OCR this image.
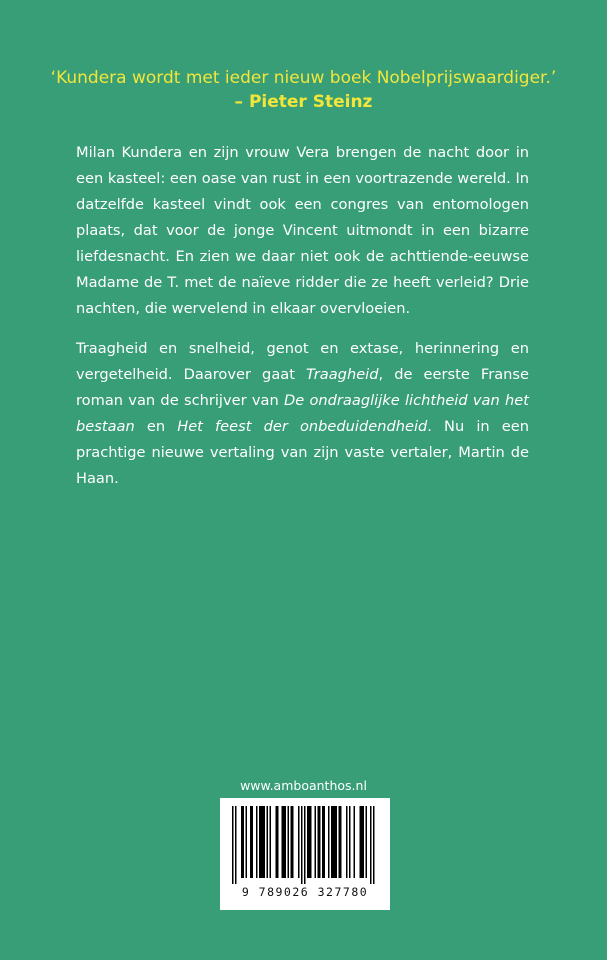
‘Kundera wordt met ieder nieuw boek Nobelprijswaardiger.’
– Pieter Steinz

Milan Kundera en zijn vrouw Vera brengen de nacht door in een kasteel: een oase van rust in een voortrazende wereld. In datzelfde kasteel vindt ook een congres van entomologen plaats, dat voor de jonge Vincent uitmondt in een bizarre liefdesnacht. En zien we daar niet ook de achttiende-eeuwse Madame de T. met de naïeve ridder die ze heeft verleid? Drie nachten, die wervelend in elkaar overvloeien.

Traagheid en snelheid, genot en extase, herinnering en vergetelheid. Daarover gaat Traagheid, de eerste Franse roman van de schrijver van De ondraaglijke lichtheid van het bestaan en Het feest der onbeduidendheid. Nu in een prachtige nieuwe vertaling van zijn vaste vertaler, Martin de Haan.

www.amboanthos.nl
9 789026 327780
